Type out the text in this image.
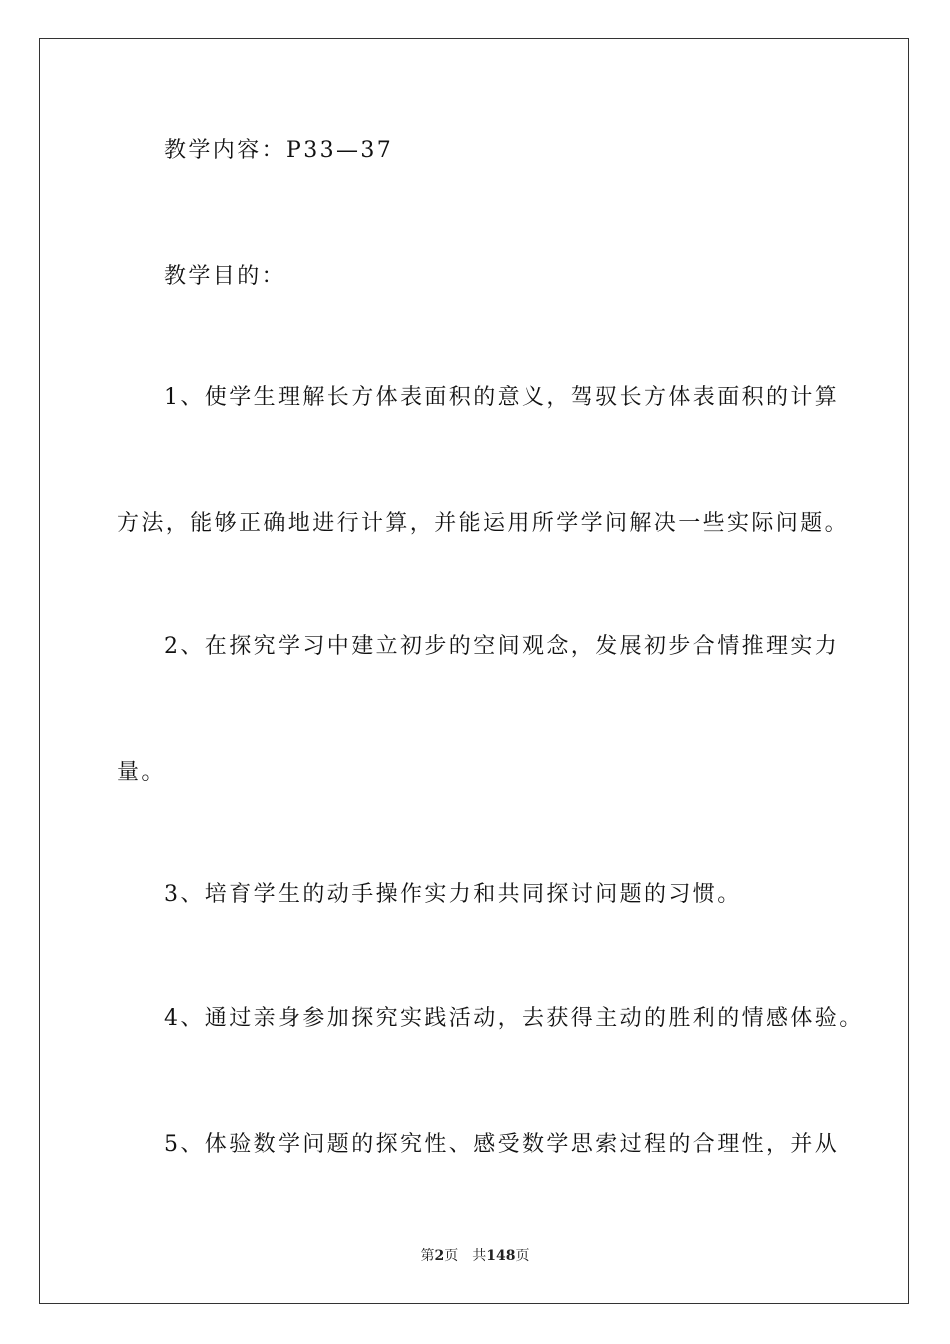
教学内容：P33—37
教学目的：
1、使学生理解长方体表面积的意义，驾驭长方体表面积的计算
方法，能够正确地进行计算，并能运用所学学问解决一些实际问题。
2、在探究学习中建立初步的空间观念，发展初步合情推理实力
量。
3、培育学生的动手操作实力和共同探讨问题的习惯。
4、通过亲身参加探究实践活动，去获得主动的胜利的情感体验。
5、体验数学问题的探究性、感受数学思索过程的合理性，并从
第2页 共148页
